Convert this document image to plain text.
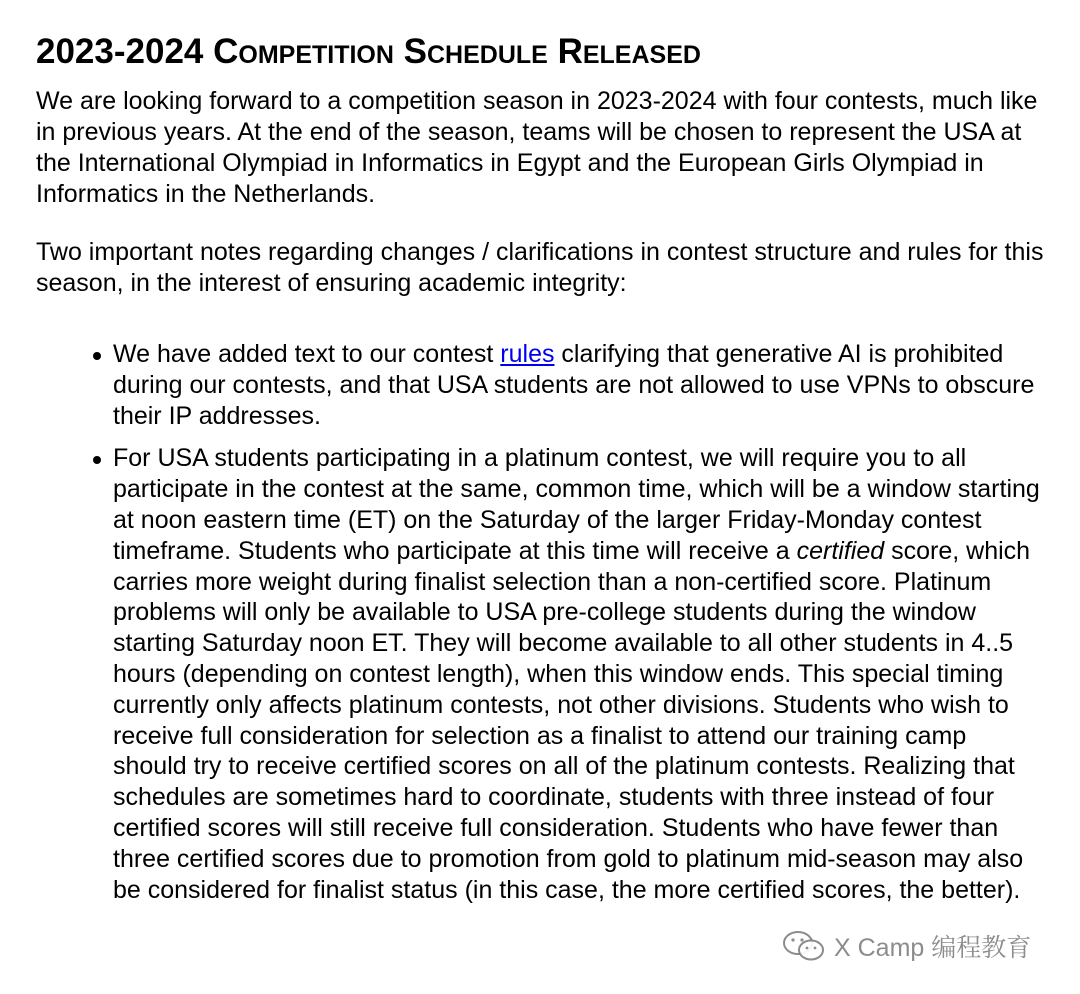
2023-2024 Competition Schedule Released

We are looking forward to a competition season in 2023-2024 with four contests, much like in previous years. At the end of the season, teams will be chosen to represent the USA at the International Olympiad in Informatics in Egypt and the European Girls Olympiad in Informatics in the Netherlands.

Two important notes regarding changes / clarifications in contest structure and rules for this season, in the interest of ensuring academic integrity:

We have added text to our contest rules clarifying that generative AI is prohibited during our contests, and that USA students are not allowed to use VPNs to obscure their IP addresses.
For USA students participating in a platinum contest, we will require you to all participate in the contest at the same, common time, which will be a window starting at noon eastern time (ET) on the Saturday of the larger Friday-Monday contest timeframe. Students who participate at this time will receive a certified score, which carries more weight during finalist selection than a non-certified score. Platinum problems will only be available to USA pre-college students during the window starting Saturday noon ET. They will become available to all other students in 4..5 hours (depending on contest length), when this window ends. This special timing currently only affects platinum contests, not other divisions. Students who wish to receive full consideration for selection as a finalist to attend our training camp should try to receive certified scores on all of the platinum contests. Realizing that schedules are sometimes hard to coordinate, students with three instead of four certified scores will still receive full consideration. Students who have fewer than three certified scores due to promotion from gold to platinum mid-season may also be considered for finalist status (in this case, the more certified scores, the better).
X Camp 编程教育
